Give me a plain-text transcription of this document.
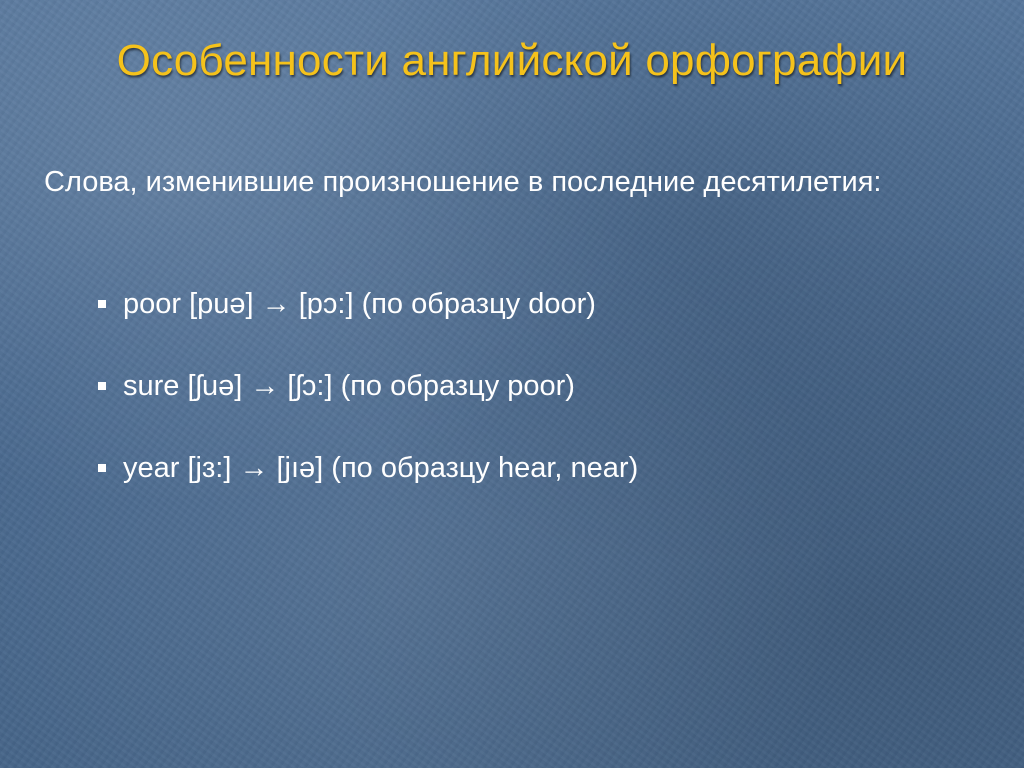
Особенности английской орфографии

Слова, изменившие произношение в последние десятилетия:

poor [puə] → [pɔ:] (по образцу door)
sure [ʃuə] → [ʃɔ:] (по образцу poor)
year [jɜ:] → [jıə] (по образцу hear, near)
